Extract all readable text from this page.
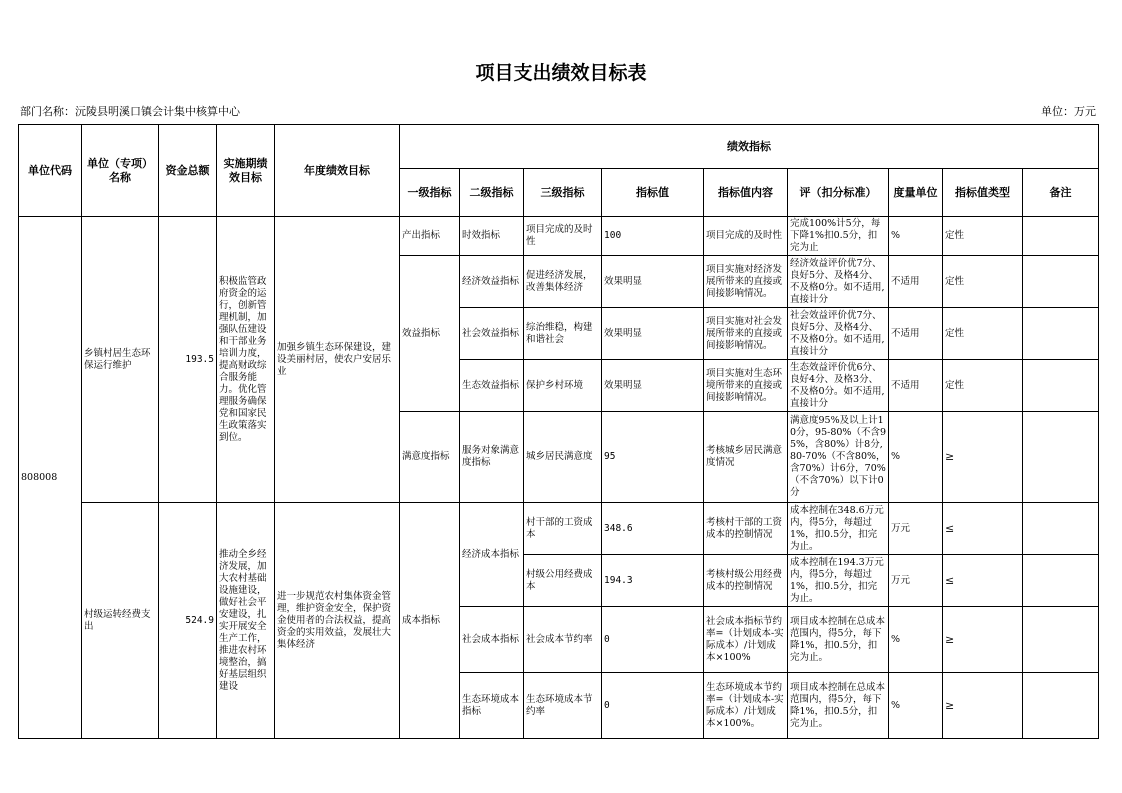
项目支出绩效目标表
部门名称：沅陵县明溪口镇会计集中核算中心	单位：万元
单位代码	单位（专项）名称	资金总额	实施期绩效目标	年度绩效目标	绩效指标								
					一级指标	二级指标	三级指标	指标值	指标值内容	评（扣分标准）	度量单位	指标值类型	备注
808008	乡镇村居生态环保运行维护	193.5	积极监管政府资金的运行，创新管理机制，加强队伍建设和干部业务培训力度，提高财政综合服务能力。优化管理服务确保党和国家民生政策落实到位。	加强乡镇生态环保建设，建设美丽村居，使农户安居乐业	产出指标	时效指标	项目完成的及时性	100	项目完成的及时性	完成100%计5分，每下降1%扣0.5分，扣完为止	%	定性	
					效益指标	经济效益指标	促进经济发展，改善集体经济	效果明显	项目实施对经济发展所带来的直接或间接影响情况。	经济效益评价优7分、良好5分、及格4分、不及格0分。如不适用,直接计分	不适用	定性	
						社会效益指标	综治维稳，构建和谐社会	效果明显	项目实施对社会发展所带来的直接或间接影响情况。	社会效益评价优7分、良好5分、及格4分、不及格0分。如不适用,直接计分	不适用	定性	
						生态效益指标	保护乡村环境	效果明显	项目实施对生态环境所带来的直接或间接影响情况。	生态效益评价优6分、良好4分、及格3分、不及格0分。如不适用,直接计分	不适用	定性	
					满意度指标	服务对象满意度指标	城乡居民满意度	95	考核城乡居民满意度情况	满意度95%及以上计10分，95-80%（不含95%，含80%）计8分,80-70%（不含80%，含70%）计6分，70%（不含70%）以下计0分	%	≥	
	村级运转经费支出	524.9	推动全乡经济发展，加大农村基础设施建设，做好社会平安建设，扎实开展安全生产工作，推进农村环境整治，搞好基层组织建设	进一步规范农村集体资金管理，维护资金安全，保护资金使用者的合法权益，提高资金的实用效益，发展壮大集体经济	成本指标	经济成本指标	村干部的工资成本	348.6	考核村干部的工资成本的控制情况	成本控制在348.6万元内，得5分，每超过1%，扣0.5分，扣完为止。	万元	≤	
							村级公用经费成本	194.3	考核村级公用经费成本的控制情况	成本控制在194.3万元内，得5分，每超过1%，扣0.5分，扣完为止。	万元	≤	
						社会成本指标	社会成本节约率	0	社会成本指标节约率=（计划成本-实际成本）/计划成本×100%	项目成本控制在总成本范围内，得5分，每下降1%，扣0.5分，扣完为止。	%	≥	
						生态环境成本指标	生态环境成本节约率	0	生态环境成本节约率=（计划成本-实际成本）/计划成本×100%。	项目成本控制在总成本范围内，得5分，每下降1%，扣0.5分，扣完为止。	%	≥	
